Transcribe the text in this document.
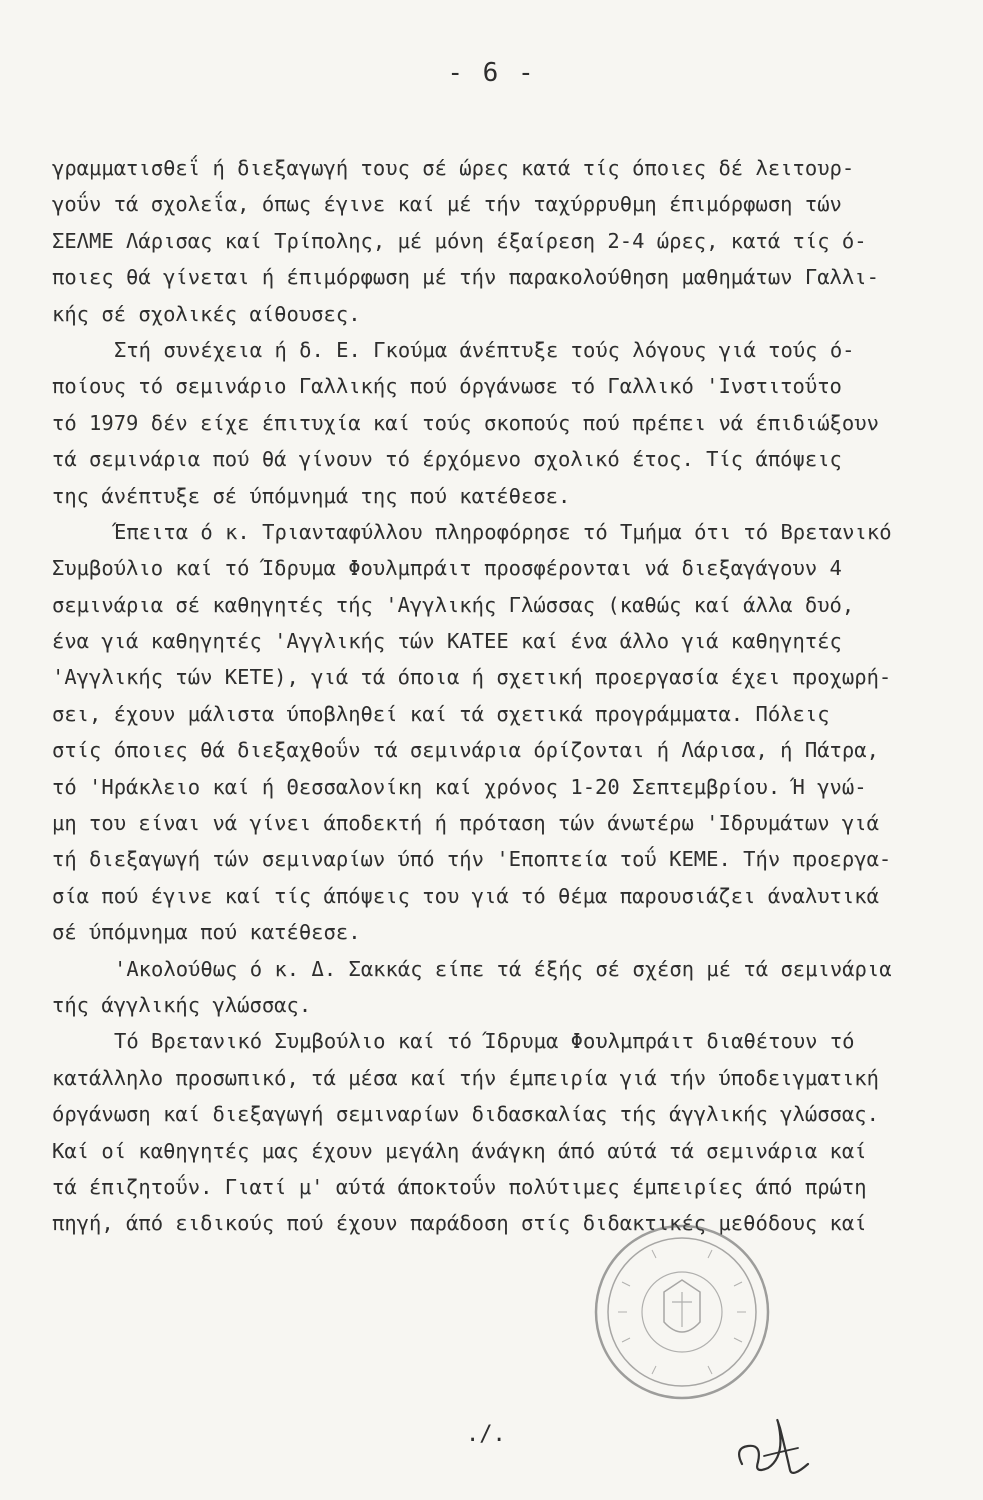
- 6 -
γραμματισθεΐ ή διεξαγωγή τους σέ ώρες κατά τίς όποιες δέ λειτουρ-
γοΰν τά σχολεΐα, όπως έγινε καί μέ τήν ταχύρρυθμη έπιμόρφωση τών
ΣΕΛΜΕ Λάρισας καί Τρίπολης, μέ μόνη έξαίρεση 2-4 ώρες, κατά τίς ό-
ποιες θά γίνεται ή έπιμόρφωση μέ τήν παρακολούθηση μαθημάτων Γαλλι-
κής σέ σχολικές αίθουσες.
Στή συνέχεια ή δ. Ε. Γκούμα άνέπτυξε τούς λόγους γιά τούς ό-
ποίους τό σεμινάριο Γαλλικής πού όργάνωσε τό Γαλλικό 'Ινστιτοΰτο
τό 1979 δέν είχε έπιτυχία καί τούς σκοπούς πού πρέπει νά έπιδιώξουν
τά σεμινάρια πού θά γίνουν τό έρχόμενο σχολικό έτος. Τίς άπόψεις
της άνέπτυξε σέ ύπόμνημά της πού κατέθεσε.
Έπειτα ό κ. Τριανταφύλλου πληροφόρησε τό Τμήμα ότι τό Βρετανικό
Συμβούλιο καί τό Ίδρυμα Φουλμπράιτ προσφέρονται νά διεξαγάγουν 4
σεμινάρια σέ καθηγητές τής 'Αγγλικής Γλώσσας (καθώς καί άλλα δυό,
ένα γιά καθηγητές 'Αγγλικής τών ΚΑΤΕΕ καί ένα άλλο γιά καθηγητές
'Αγγλικής τών ΚΕΤΕ), γιά τά όποια ή σχετική προεργασία έχει προχωρή-
σει, έχουν μάλιστα ύποβληθεί καί τά σχετικά προγράμματα. Πόλεις
στίς όποιες θά διεξαχθοΰν τά σεμινάρια όρίζονται ή Λάρισα, ή Πάτρα,
τό 'Ηράκλειο καί ή Θεσσαλονίκη καί χρόνος 1-20 Σεπτεμβρίου. Ή γνώ-
μη του είναι νά γίνει άποδεκτή ή πρόταση τών άνωτέρω 'Ιδρυμάτων γιά
τή διεξαγωγή τών σεμιναρίων ύπό τήν 'Εποπτεία τοΰ ΚΕΜΕ. Τήν προεργα-
σία πού έγινε καί τίς άπόψεις του γιά τό θέμα παρουσιάζει άναλυτικά
σέ ύπόμνημα πού κατέθεσε.
'Ακολούθως ό κ. Δ. Σακκάς είπε τά έξής σέ σχέση μέ τά σεμινάρια
τής άγγλικής γλώσσας.
Τό Βρετανικό Συμβούλιο καί τό Ίδρυμα Φουλμπράιτ διαθέτουν τό
κατάλληλο προσωπικό, τά μέσα καί τήν έμπειρία γιά τήν ύποδειγματική
όργάνωση καί διεξαγωγή σεμιναρίων διδασκαλίας τής άγγλικής γλώσσας.
Καί οί καθηγητές μας έχουν μεγάλη άνάγκη άπό αύτά τά σεμινάρια καί
τά έπιζητοΰν. Γιατί μ' αύτά άποκτοΰν πολύτιμες έμπειρίες άπό πρώτη
πηγή, άπό ειδικούς πού έχουν παράδοση στίς διδακτικές μεθόδους καί
./.
